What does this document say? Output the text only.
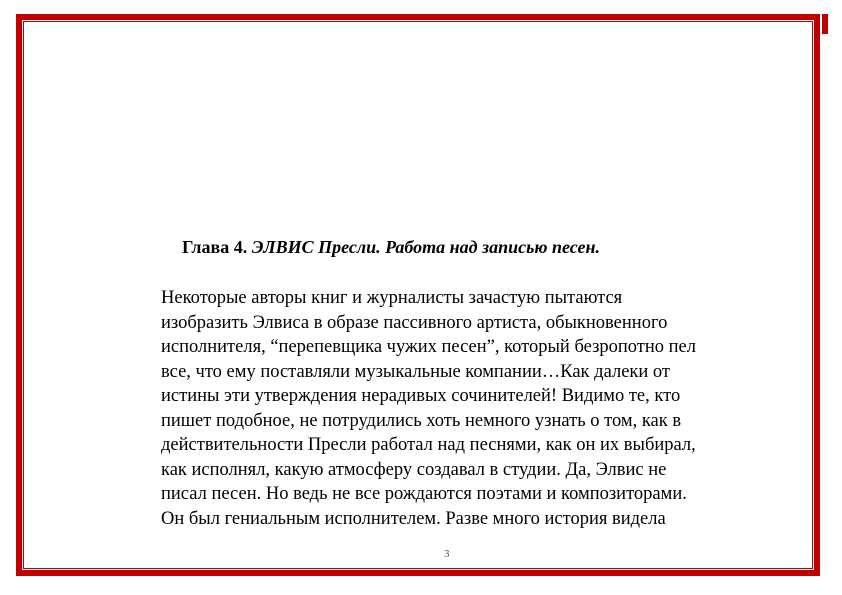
Глава 4. ЭЛВИС Пресли. Работа над записью песен.
Некоторые авторы книг и журналисты зачастую пытаются
изобразить Элвиса в образе пассивного артиста, обыкновенного
исполнителя, “перепевщика чужих песен”, который безропотно пел
все, что ему поставляли музыкальные компании…Как далеки от
истины эти утверждения нерадивых сочинителей! Видимо те, кто
пишет подобное, не потрудились хоть немного узнать о том, как в
действительности Пресли работал над песнями, как он их выбирал,
как исполнял, какую атмосферу создавал в студии. Да, Элвис не
писал песен. Но ведь не все рождаются поэтами и композиторами.
Он был гениальным исполнителем. Разве много история видела
3
